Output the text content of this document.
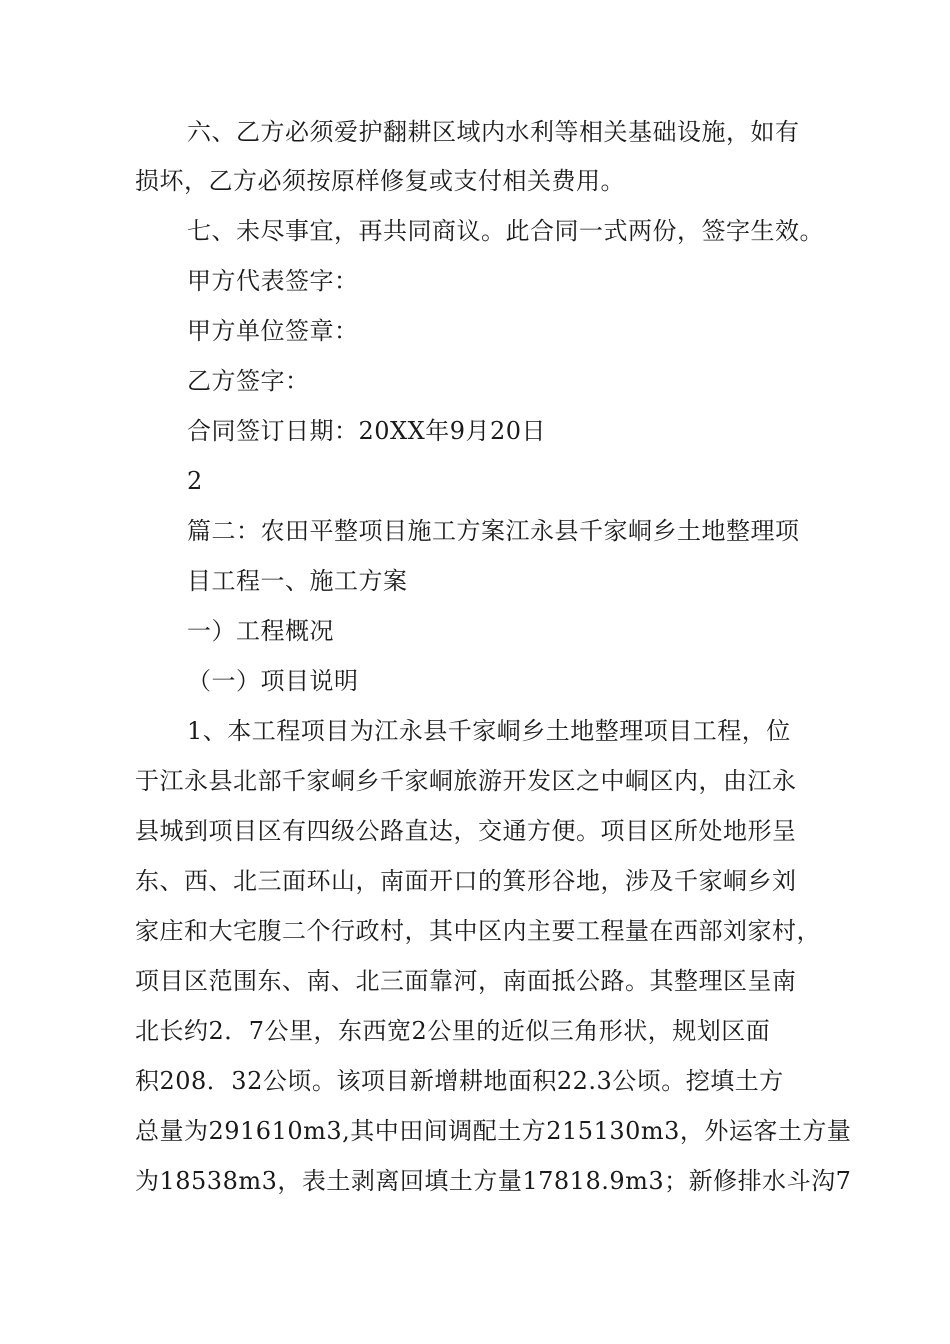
六、乙方必须爱护翻耕区域内水利等相关基础设施，如有
损坏，乙方必须按原样修复或支付相关费用。
七、未尽事宜，再共同商议。此合同一式两份，签字生效。
甲方代表签字：
甲方单位签章：
乙方签字：
合同签订日期：20XX年9月20日
2
篇二：农田平整项目施工方案江永县千家峒乡土地整理项
目工程一、施工方案
一）工程概况
（一）项目说明
1、本工程项目为江永县千家峒乡土地整理项目工程，位
于江永县北部千家峒乡千家峒旅游开发区之中峒区内，由江永
县城到项目区有四级公路直达，交通方便。项目区所处地形呈
东、西、北三面环山，南面开口的箕形谷地，涉及千家峒乡刘
家庄和大宅腹二个行政村，其中区内主要工程量在西部刘家村，
项目区范围东、南、北三面靠河，南面抵公路。其整理区呈南
北长约2．7公里，东西宽2公里的近似三角形状，规划区面
积208．32公顷。该项目新增耕地面积22.3公顷。挖填土方
总量为291610m3,其中田间调配土方215130m3，外运客土方量
为18538m3，表土剥离回填土方量17818.9m3；新修排水斗沟7
